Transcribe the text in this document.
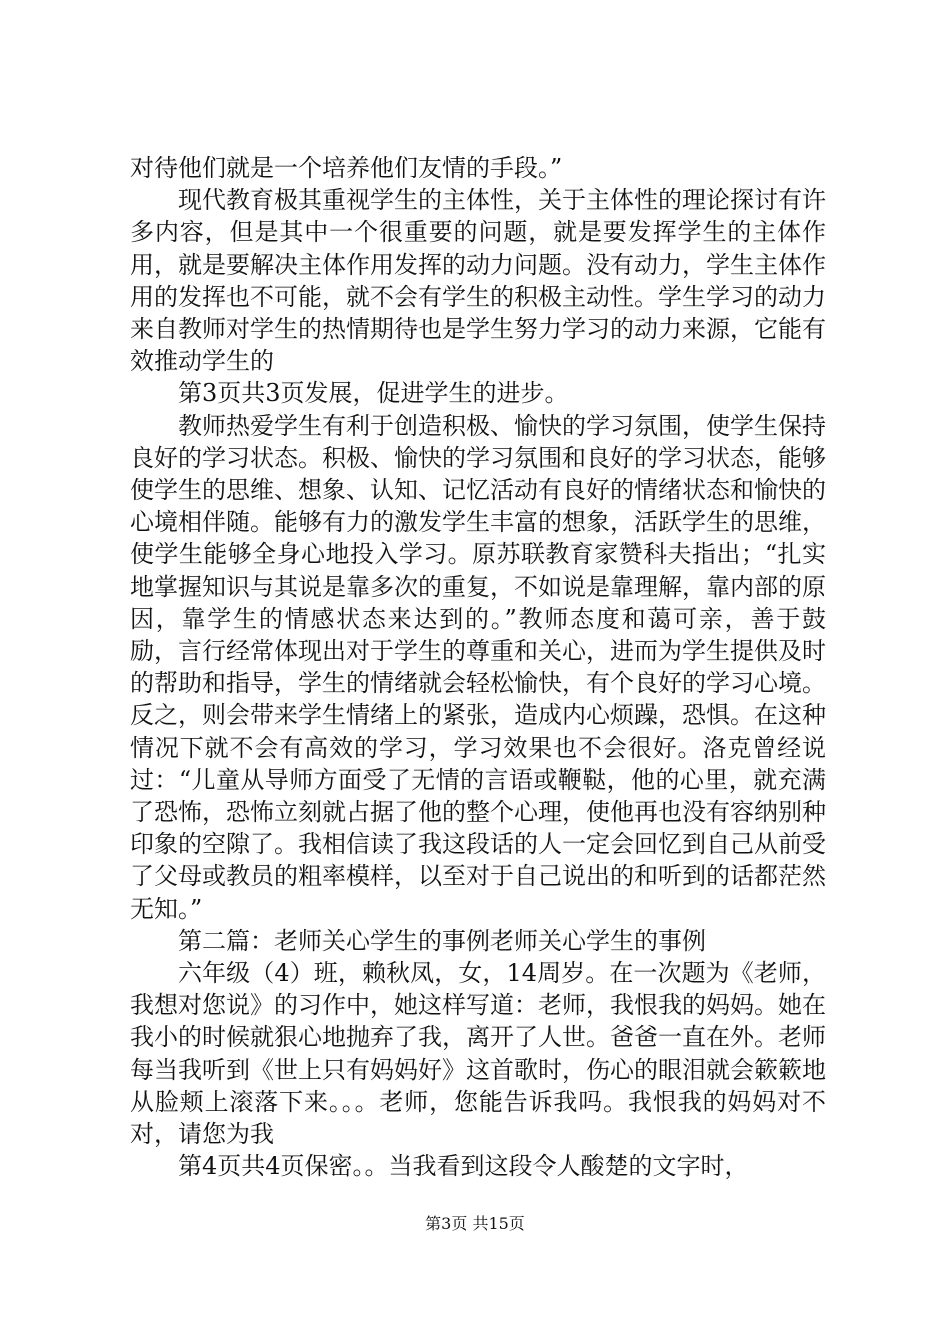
对待他们就是一个培养他们友情的手段。”

现代教育极其重视学生的主体性，关于主体性的理论探讨有许多内容，但是其中一个很重要的问题，就是要发挥学生的主体作用，就是要解决主体作用发挥的动力问题。没有动力，学生主体作用的发挥也不可能，就不会有学生的积极主动性。学生学习的动力来自教师对学生的热情期待也是学生努力学习的动力来源，它能有效推动学生的

第3页共3页发展，促进学生的进步。

教师热爱学生有利于创造积极、愉快的学习氛围，使学生保持良好的学习状态。积极、愉快的学习氛围和良好的学习状态，能够使学生的思维、想象、认知、记忆活动有良好的情绪状态和愉快的心境相伴随。能够有力的激发学生丰富的想象，活跃学生的思维，使学生能够全身心地投入学习。原苏联教育家赞科夫指出；“扎实地掌握知识与其说是靠多次的重复，不如说是靠理解，靠内部的原因，靠学生的情感状态来达到的。”教师态度和蔼可亲，善于鼓励，言行经常体现出对于学生的尊重和关心，进而为学生提供及时的帮助和指导，学生的情绪就会轻松愉快，有个良好的学习心境。反之，则会带来学生情绪上的紧张，造成内心烦躁，恐惧。在这种情况下就不会有高效的学习，学习效果也不会很好。洛克曾经说过：“儿童从导师方面受了无情的言语或鞭鞑，他的心里，就充满了恐怖，恐怖立刻就占据了他的整个心理，使他再也没有容纳别种印象的空隙了。我相信读了我这段话的人一定会回忆到自己从前受了父母或教员的粗率模样，以至对于自己说出的和听到的话都茫然无知。”

第二篇：老师关心学生的事例老师关心学生的事例

六年级（4）班，赖秋凤，女，14周岁。在一次题为《老师，我想对您说》的习作中，她这样写道：老师，我恨我的妈妈。她在我小的时候就狠心地抛弃了我，离开了人世。爸爸一直在外。老师每当我听到《世上只有妈妈好》这首歌时，伤心的眼泪就会簌簌地从脸颊上滚落下来。。。老师，您能告诉我吗。我恨我的妈妈对不对，请您为我

第4页共4页保密。。当我看到这段令人酸楚的文字时，

第3页 共15页
